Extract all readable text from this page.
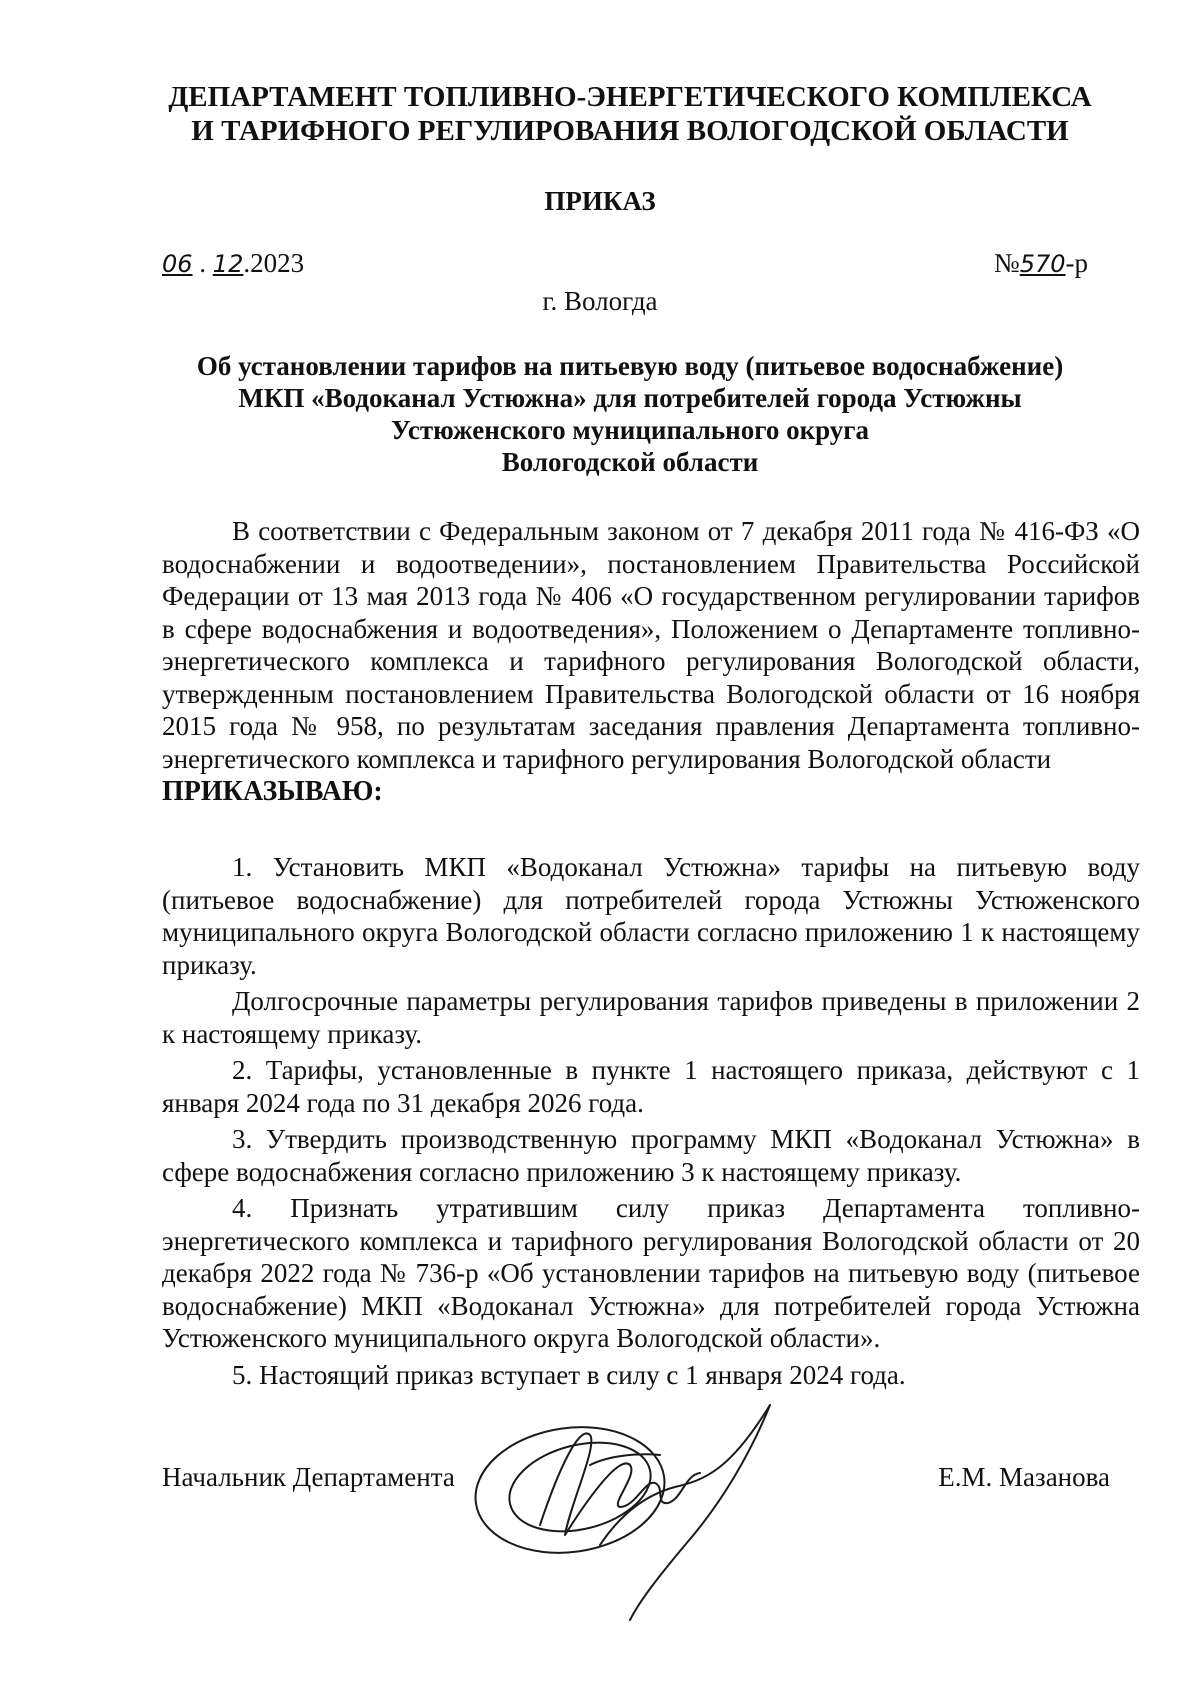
ДЕПАРТАМЕНТ ТОПЛИВНО-ЭНЕРГЕТИЧЕСКОГО КОМПЛЕКСА
И ТАРИФНОГО РЕГУЛИРОВАНИЯ ВОЛОГОДСКОЙ ОБЛАСТИ
ПРИКАЗ
06 . 12.2023	№570-р
г. Вологда
Об установлении тарифов на питьевую воду (питьевое водоснабжение)
МКП «Водоканал Устюжна» для потребителей города Устюжны
Устюженского муниципального округа
Вологодской области

В соответствии с Федеральным законом от 7 декабря 2011 года № 416-ФЗ «О водоснабжении и водоотведении», постановлением Правительства Российской Федерации от 13 мая 2013 года № 406 «О государственном регулировании тарифов в сфере водоснабжения и водоотведения», Положением о Департаменте топливно-энергетического комплекса и тарифного регулирования Вологодской области, утвержденным постановлением Правительства Вологодской области от 16 ноября 2015 года № 958, по результатам заседания правления Департамента топливно-энергетического комплекса и тарифного регулирования Вологодской области

ПРИКАЗЫВАЮ:

1. Установить МКП «Водоканал Устюжна» тарифы на питьевую воду (питьевое водоснабжение) для потребителей города Устюжны Устюженского муниципального округа Вологодской области согласно приложению 1 к настоящему приказу.

Долгосрочные параметры регулирования тарифов приведены в приложении 2 к настоящему приказу.

2. Тарифы, установленные в пункте 1 настоящего приказа, действуют с 1 января 2024 года по 31 декабря 2026 года.

3. Утвердить производственную программу МКП «Водоканал Устюжна» в сфере водоснабжения согласно приложению 3 к настоящему приказу.

4. Признать утратившим силу приказ Департамента топливно-энергетического комплекса и тарифного регулирования Вологодской области от 20 декабря 2022 года № 736-р «Об установлении тарифов на питьевую воду (питьевое водоснабжение) МКП «Водоканал Устюжна» для потребителей города Устюжна Устюженского муниципального округа Вологодской области».

5. Настоящий приказ вступает в силу с 1 января 2024 года.

Начальник Департамента	Е.М. Мазанова
